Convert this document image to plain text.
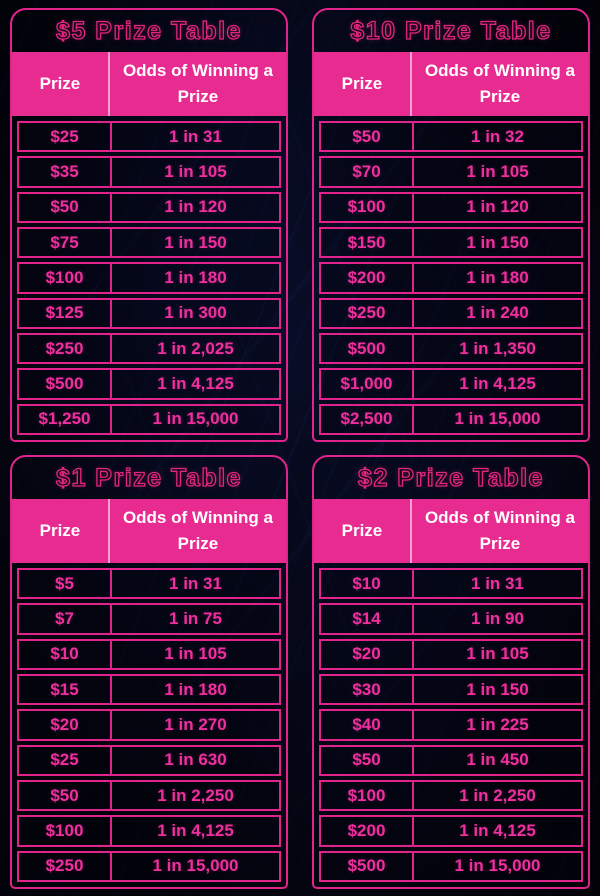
$5 Prize Table
Prize
Odds of Winning a Prize
$25	1 in 31
$35	1 in 105
$50	1 in 120
$75	1 in 150
$100	1 in 180
$125	1 in 300
$250	1 in 2,025
$500	1 in 4,125
$1,250	1 in 15,000
$10 Prize Table
Prize
Odds of Winning a Prize
$50	1 in 32
$70	1 in 105
$100	1 in 120
$150	1 in 150
$200	1 in 180
$250	1 in 240
$500	1 in 1,350
$1,000	1 in 4,125
$2,500	1 in 15,000
$1 Prize Table
Prize
Odds of Winning a Prize
$5	1 in 31
$7	1 in 75
$10	1 in 105
$15	1 in 180
$20	1 in 270
$25	1 in 630
$50	1 in 2,250
$100	1 in 4,125
$250	1 in 15,000
$2 Prize Table
Prize
Odds of Winning a Prize
$10	1 in 31
$14	1 in 90
$20	1 in 105
$30	1 in 150
$40	1 in 225
$50	1 in 450
$100	1 in 2,250
$200	1 in 4,125
$500	1 in 15,000
